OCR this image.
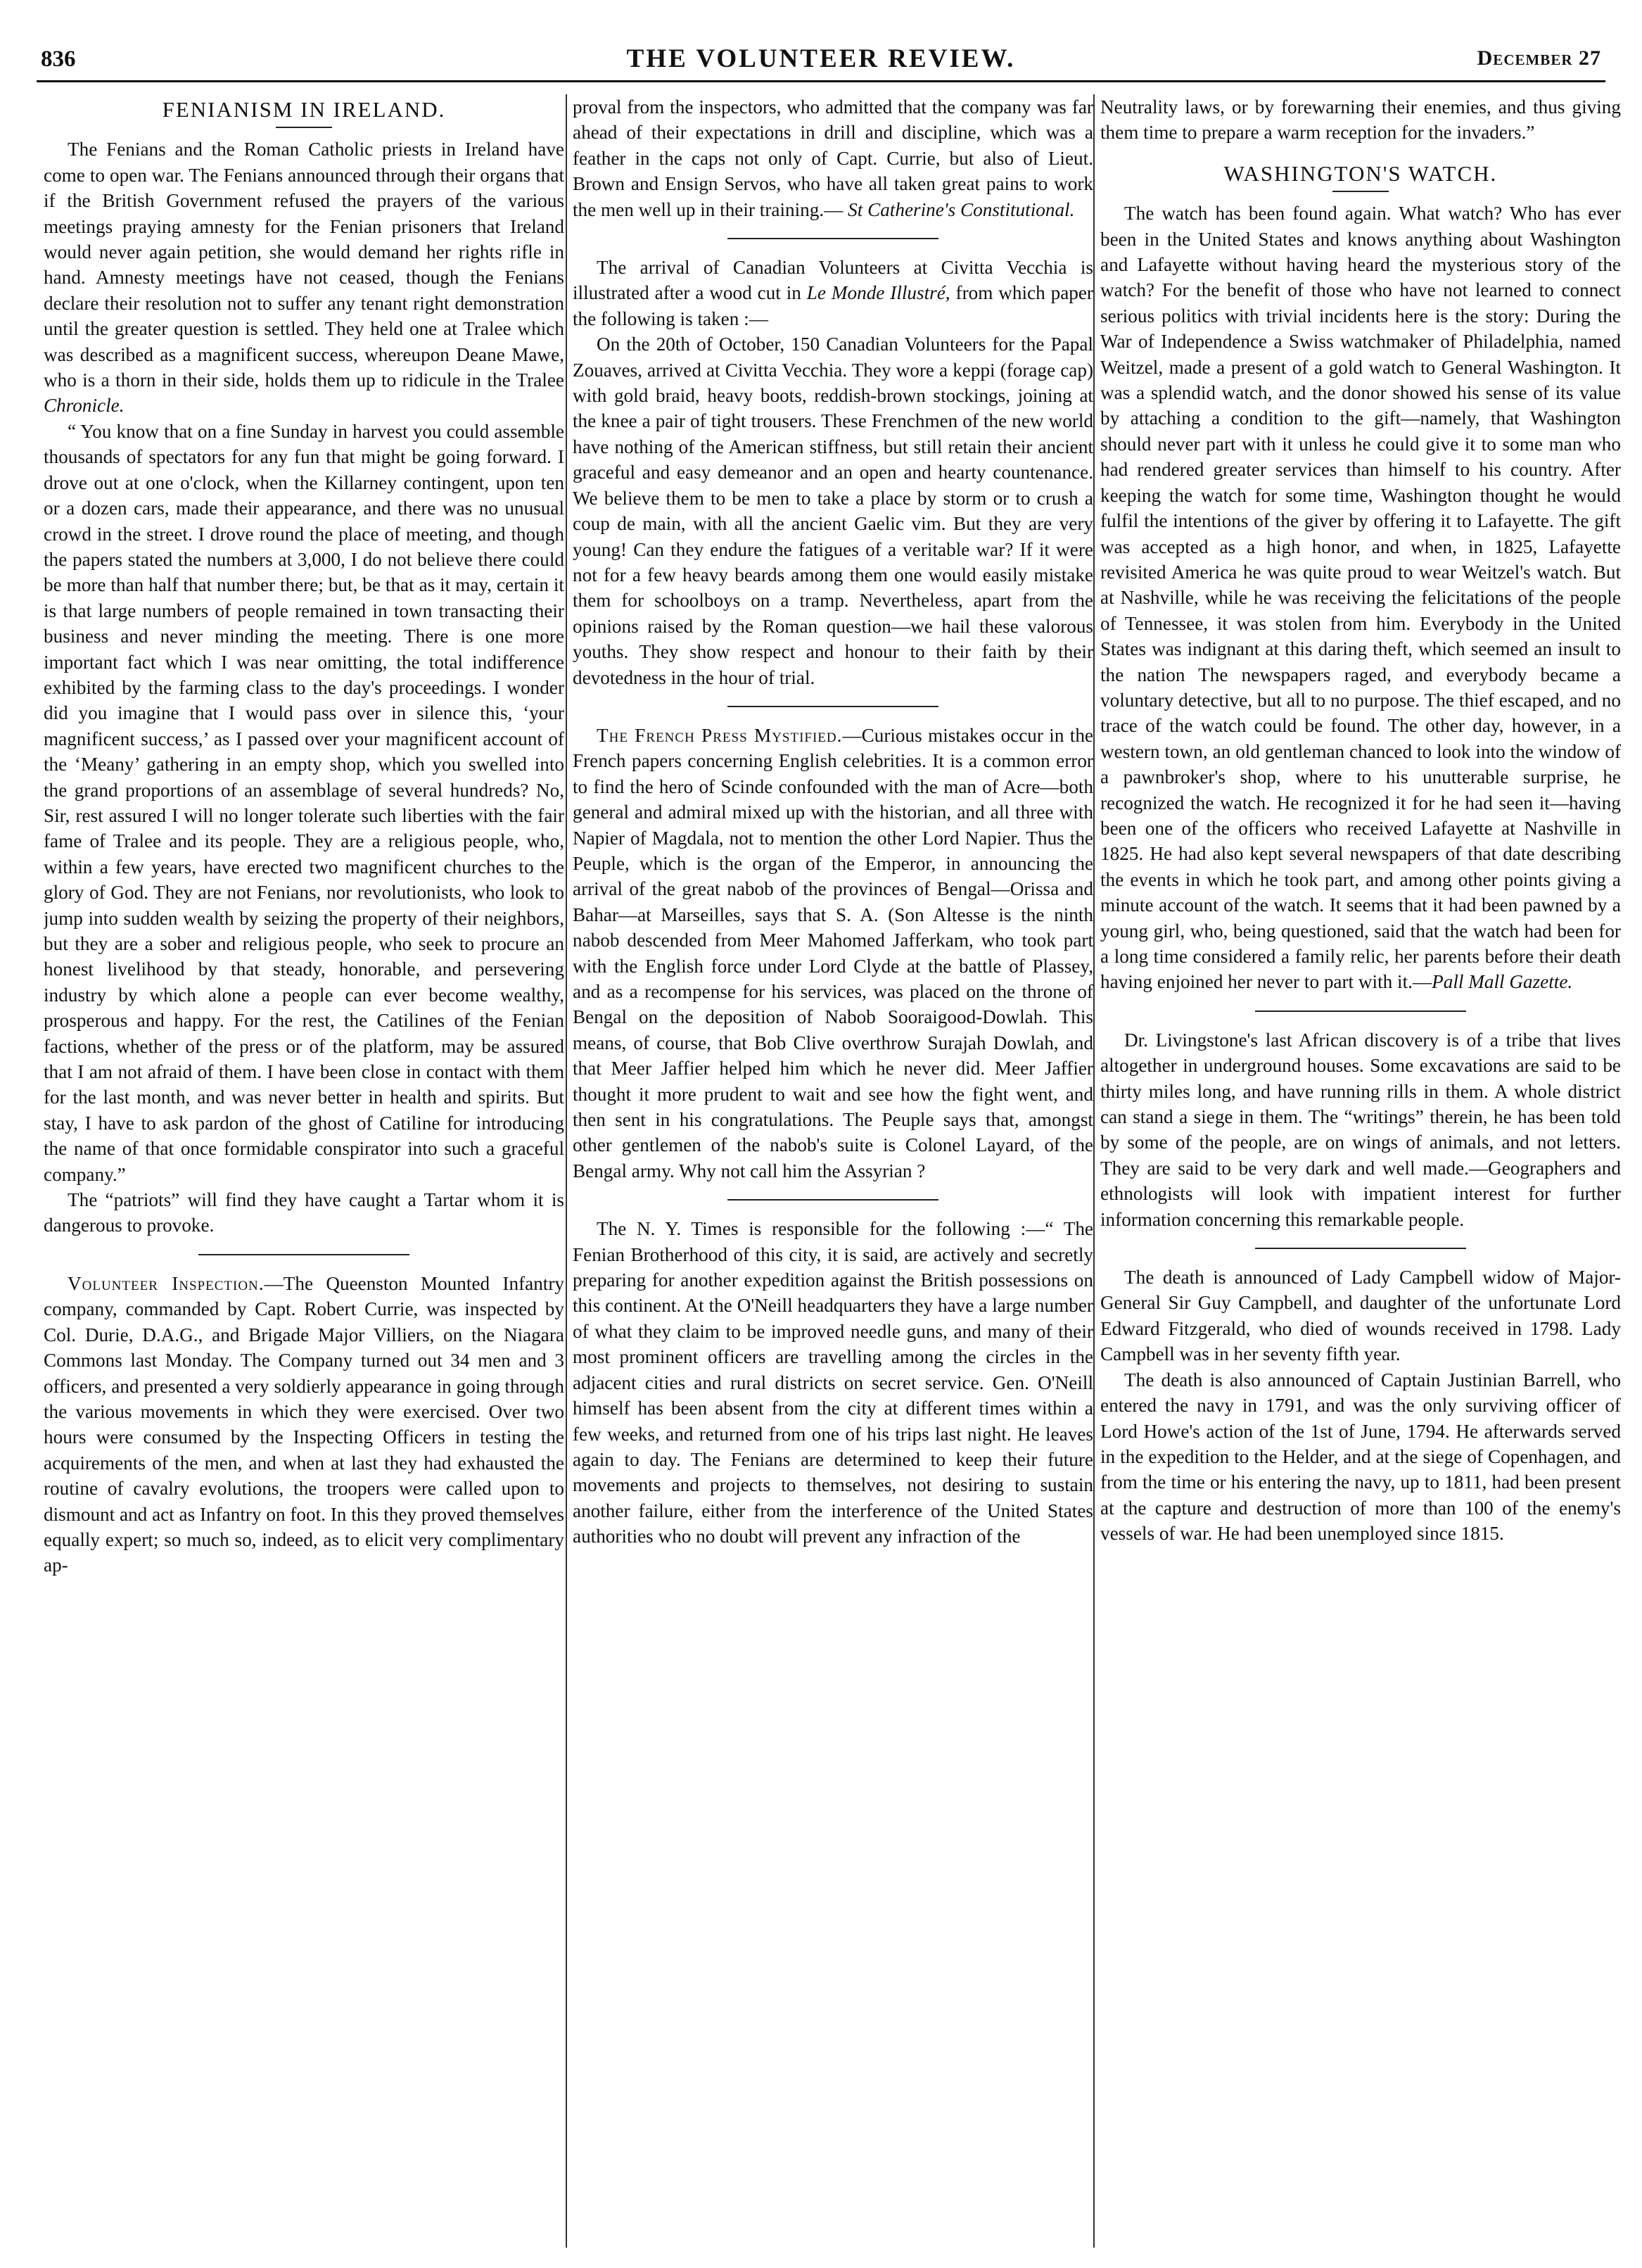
836	THE VOLUNTEER REVIEW.	December 27
FENIANISM IN IRELAND.

The Fenians and the Roman Catholic priests in Ireland have come to open war. The Fenians announced through their organs that if the British Government refused the prayers of the various meetings praying amnesty for the Fenian prisoners that Ireland would never again petition, she would demand her rights rifle in hand. Amnesty meetings have not ceased, though the Fenians declare their resolution not to suffer any tenant right demonstration until the greater question is settled. They held one at Tralee which was described as a magnificent success, whereupon Deane Mawe, who is a thorn in their side, holds them up to ridicule in the Tralee Chronicle.

“ You know that on a fine Sunday in harvest you could assemble thousands of spectators for any fun that might be going forward. I drove out at one o'clock, when the Killarney contingent, upon ten or a dozen cars, made their appearance, and there was no unusual crowd in the street. I drove round the place of meeting, and though the papers stated the numbers at 3,000, I do not believe there could be more than half that number there; but, be that as it may, certain it is that large numbers of people remained in town transacting their business and never minding the meeting. There is one more important fact which I was near omitting, the total indifference exhibited by the farming class to the day's proceedings. I wonder did you imagine that I would pass over in silence this, ‘your magnificent success,’ as I passed over your magnificent account of the ‘Meany’ gathering in an empty shop, which you swelled into the grand proportions of an assemblage of several hundreds? No, Sir, rest assured I will no longer tolerate such liberties with the fair fame of Tralee and its people. They are a religious people, who, within a few years, have erected two magnificent churches to the glory of God. They are not Fenians, nor revolutionists, who look to jump into sudden wealth by seizing the property of their neighbors, but they are a sober and religious people, who seek to procure an honest livelihood by that steady, honorable, and persevering industry by which alone a people can ever become wealthy, prosperous and happy. For the rest, the Catilines of the Fenian factions, whether of the press or of the platform, may be assured that I am not afraid of them. I have been close in contact with them for the last month, and was never better in health and spirits. But stay, I have to ask pardon of the ghost of Catiline for introducing the name of that once formidable conspirator into such a graceful company.”

The “patriots” will find they have caught a Tartar whom it is dangerous to provoke.

Volunteer Inspection.—The Queenston Mounted Infantry company, commanded by Capt. Robert Currie, was inspected by Col. Durie, D.A.G., and Brigade Major Villiers, on the Niagara Commons last Monday. The Company turned out 34 men and 3 officers, and presented a very soldierly appearance in going through the various movements in which they were exercised. Over two hours were consumed by the Inspecting Officers in testing the acquirements of the men, and when at last they had exhausted the routine of cavalry evolutions, the troopers were called upon to dismount and act as Infantry on foot. In this they proved themselves equally expert; so much so, indeed, as to elicit very complimentary ap-

proval from the inspectors, who admitted that the company was far ahead of their expectations in drill and discipline, which was a feather in the caps not only of Capt. Currie, but also of Lieut. Brown and Ensign Servos, who have all taken great pains to work the men well up in their training.— St Catherine's Constitutional.

The arrival of Canadian Volunteers at Civitta Vecchia is illustrated after a wood cut in Le Monde Illustré, from which paper the following is taken :—

On the 20th of October, 150 Canadian Volunteers for the Papal Zouaves, arrived at Civitta Vecchia. They wore a keppi (forage cap) with gold braid, heavy boots, reddish-brown stockings, joining at the knee a pair of tight trousers. These Frenchmen of the new world have nothing of the American stiffness, but still retain their ancient graceful and easy demeanor and an open and hearty countenance. We believe them to be men to take a place by storm or to crush a coup de main, with all the ancient Gaelic vim. But they are very young! Can they endure the fatigues of a veritable war? If it were not for a few heavy beards among them one would easily mistake them for schoolboys on a tramp. Nevertheless, apart from the opinions raised by the Roman question—we hail these valorous youths. They show respect and honour to their faith by their devotedness in the hour of trial.

The French Press Mystified.—Curious mistakes occur in the French papers concerning English celebrities. It is a common error to find the hero of Scinde confounded with the man of Acre—both general and admiral mixed up with the historian, and all three with Napier of Magdala, not to mention the other Lord Napier. Thus the Peuple, which is the organ of the Emperor, in announcing the arrival of the great nabob of the provinces of Bengal—Orissa and Bahar—at Marseilles, says that S. A. (Son Altesse is the ninth nabob descended from Meer Mahomed Jafferkam, who took part with the English force under Lord Clyde at the battle of Plassey, and as a recompense for his services, was placed on the throne of Bengal on the deposition of Nabob Sooraigood-Dowlah. This means, of course, that Bob Clive overthrow Surajah Dowlah, and that Meer Jaffier helped him which he never did. Meer Jaffier thought it more prudent to wait and see how the fight went, and then sent in his congratulations. The Peuple says that, amongst other gentlemen of the nabob's suite is Colonel Layard, of the Bengal army. Why not call him the Assyrian ?

The N. Y. Times is responsible for the following :—“ The Fenian Brotherhood of this city, it is said, are actively and secretly preparing for another expedition against the British possessions on this continent. At the O'Neill headquarters they have a large number of what they claim to be improved needle guns, and many of their most prominent officers are travelling among the circles in the adjacent cities and rural districts on secret service. Gen. O'Neill himself has been absent from the city at different times within a few weeks, and returned from one of his trips last night. He leaves again to day. The Fenians are determined to keep their future movements and projects to themselves, not desiring to sustain another failure, either from the interference of the United States authorities who no doubt will prevent any infraction of the

Neutrality laws, or by forewarning their enemies, and thus giving them time to prepare a warm reception for the invaders.”

WASHINGTON'S WATCH.

The watch has been found again. What watch? Who has ever been in the United States and knows anything about Washington and Lafayette without having heard the mysterious story of the watch? For the benefit of those who have not learned to connect serious politics with trivial incidents here is the story: During the War of Independence a Swiss watchmaker of Philadelphia, named Weitzel, made a present of a gold watch to General Washington. It was a splendid watch, and the donor showed his sense of its value by attaching a condition to the gift—namely, that Washington should never part with it unless he could give it to some man who had rendered greater services than himself to his country. After keeping the watch for some time, Washington thought he would fulfil the intentions of the giver by offering it to Lafayette. The gift was accepted as a high honor, and when, in 1825, Lafayette revisited America he was quite proud to wear Weitzel's watch. But at Nashville, while he was receiving the felicitations of the people of Tennessee, it was stolen from him. Everybody in the United States was indignant at this daring theft, which seemed an insult to the nation The newspapers raged, and everybody became a voluntary detective, but all to no purpose. The thief escaped, and no trace of the watch could be found. The other day, however, in a western town, an old gentleman chanced to look into the window of a pawnbroker's shop, where to his unutterable surprise, he recognized the watch. He recognized it for he had seen it—having been one of the officers who received Lafayette at Nashville in 1825. He had also kept several newspapers of that date describing the events in which he took part, and among other points giving a minute account of the watch. It seems that it had been pawned by a young girl, who, being questioned, said that the watch had been for a long time considered a family relic, her parents before their death having enjoined her never to part with it.—Pall Mall Gazette.

Dr. Livingstone's last African discovery is of a tribe that lives altogether in underground houses. Some excavations are said to be thirty miles long, and have running rills in them. A whole district can stand a siege in them. The “writings” therein, he has been told by some of the people, are on wings of animals, and not letters. They are said to be very dark and well made.—Geographers and ethnologists will look with impatient interest for further information concerning this remarkable people.

The death is announced of Lady Campbell widow of Major-General Sir Guy Campbell, and daughter of the unfortunate Lord Edward Fitzgerald, who died of wounds received in 1798. Lady Campbell was in her seventy fifth year.

The death is also announced of Captain Justinian Barrell, who entered the navy in 1791, and was the only surviving officer of Lord Howe's action of the 1st of June, 1794. He afterwards served in the expedition to the Helder, and at the siege of Copenhagen, and from the time or his entering the navy, up to 1811, had been present at the capture and destruction of more than 100 of the enemy's vessels of war. He had been unemployed since 1815.
